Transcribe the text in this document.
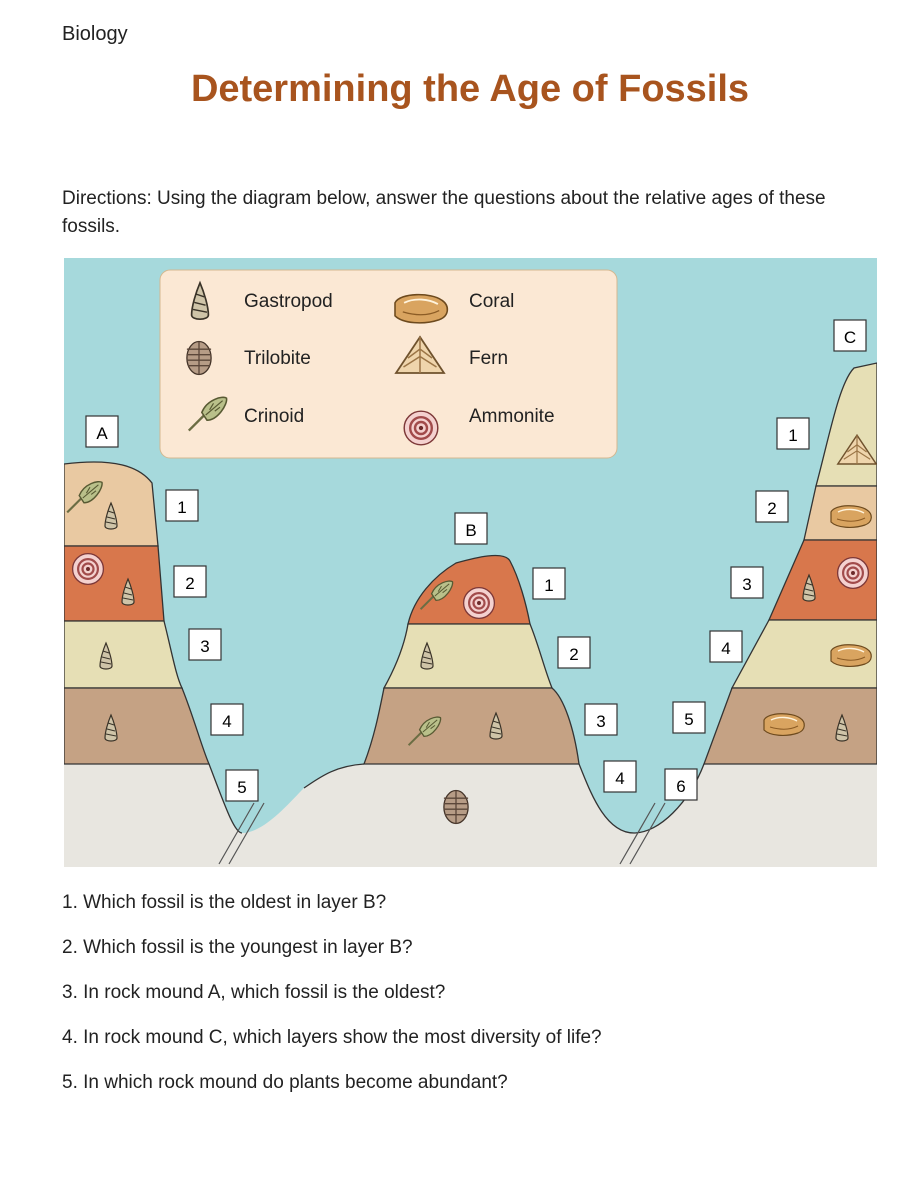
Biology
Determining the Age of Fossils
Directions: Using the diagram below, answer the questions about the relative ages of these fossils.
Gastropod
Trilobite
Crinoid
Coral
Fern
Ammonite
A
B
C
1
2
3
4
5
1
2
3
4
5
6
1
2
3
4
1. Which fossil is the oldest in layer B?
2. Which fossil is the youngest in layer B?
3. In rock mound A, which fossil is the oldest?
4. In rock mound C, which layers show the most diversity of life?
5. In which rock mound do plants become abundant?
